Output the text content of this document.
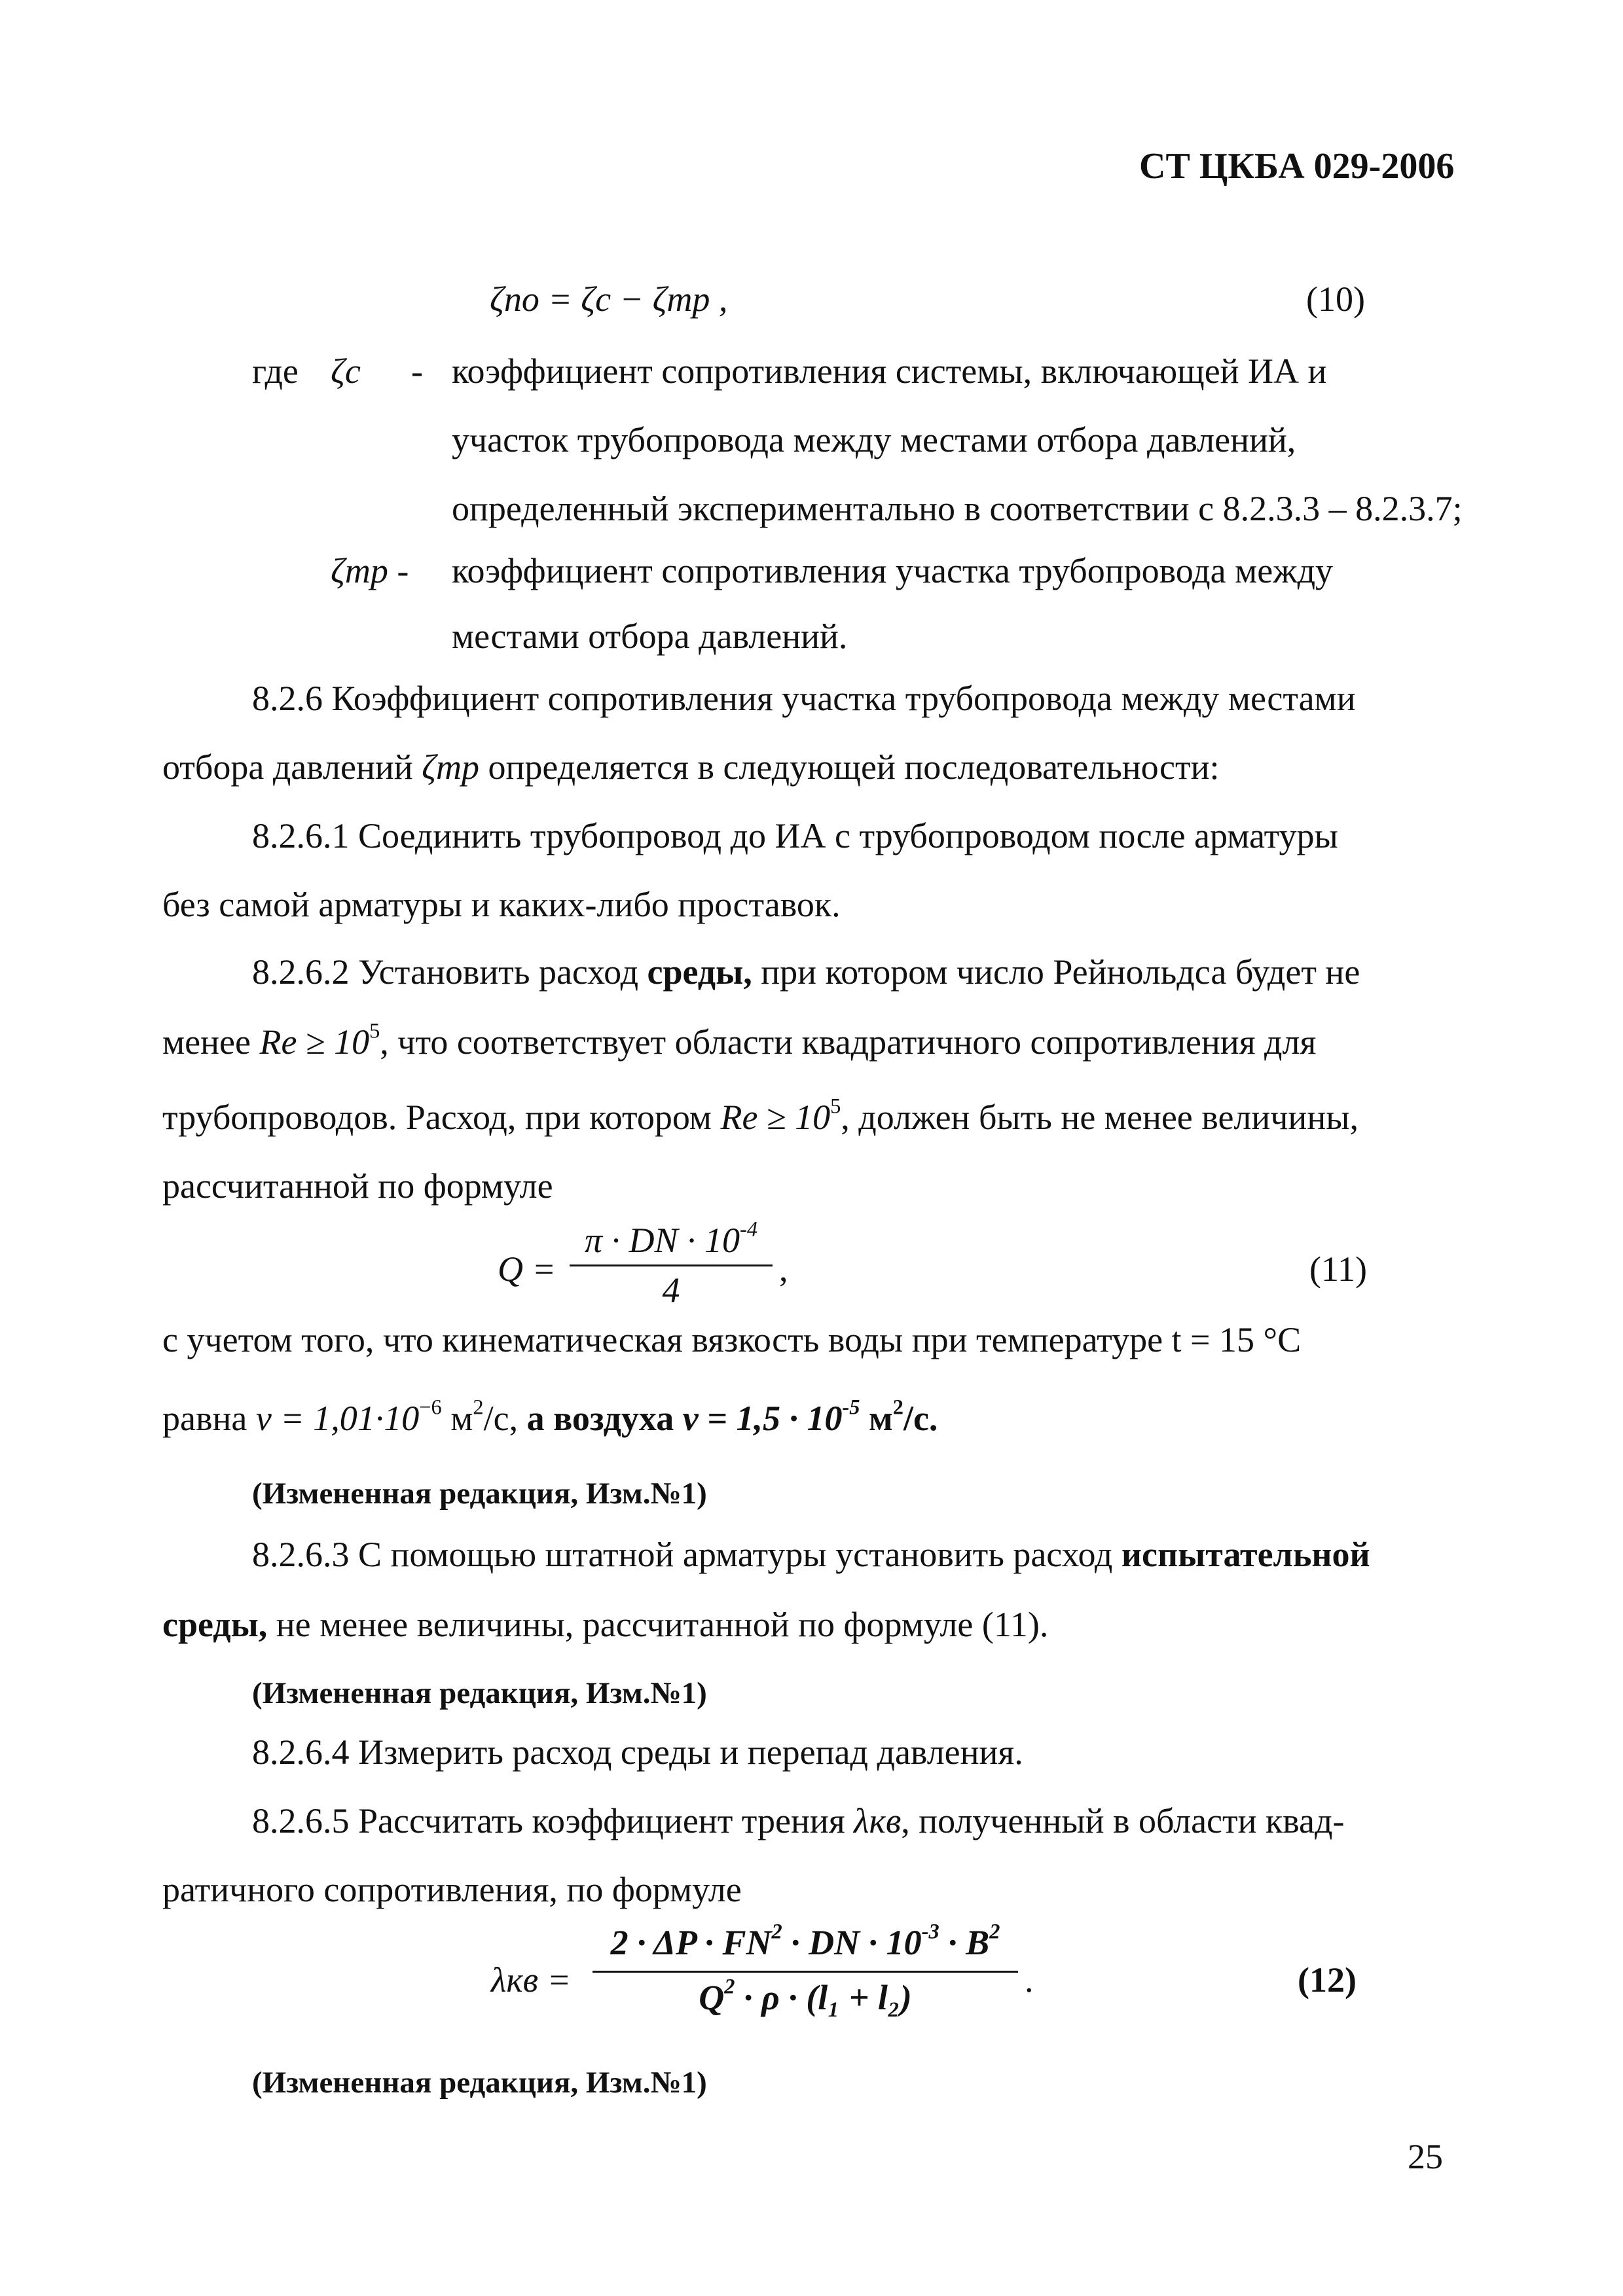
СТ ЦКБА 029-2006
ζпо = ζс − ζтр ,	(10)
где ζс - коэффициент сопротивления системы, включающей ИА и
участок трубопровода между местами отбора давлений,
определенный экспериментально в соответствии с 8.2.3.3 – 8.2.3.7;
ζтр - коэффициент сопротивления участка трубопровода между
местами отбора давлений.
8.2.6 Коэффициент сопротивления участка трубопровода между местами
отбора давлений ζтр определяется в следующей последовательности:
8.2.6.1 Соединить трубопровод до ИА с трубопроводом после арматуры
без самой арматуры и каких-либо проставок.
8.2.6.2 Установить расход среды, при котором число Рейнольдса будет не
менее $Re \ge 10^5$, что соответствует области квадратичного сопротивления для
трубопроводов. Расход, при котором $Re \ge 10^5$, должен быть не менее величины,
рассчитанной по формуле
Q =
π · DN · $10^{-4}$
4
,	(11)
с учетом того, что кинематическая вязкость воды при температуре t = 15 °С
равна $\nu = 1,01\cdot 10^{-6}$ $м^2/с$, а воздуха $\nu = 1,5 \cdot 10^{-5}$ $м^2/с$.
(Измененная редакция, Изм.№1)
8.2.6.3 С помощью штатной арматуры установить расход испытательной
среды, не менее величины, рассчитанной по формуле (11).
(Измененная редакция, Изм.№1)
8.2.6.4 Измерить расход среды и перепад давления.
8.2.6.5 Рассчитать коэффициент трения λкв, полученный в области квад-
ратичного сопротивления, по формуле
λкв =
$2 \cdot \Delta P \cdot FN^2$ · DN · $10^{-3} \cdot B^2$
$Q^2 \cdot \rho \cdot (l_1 + l_2)$	.	(12)
(Измененная редакция, Изм.№1)
25
